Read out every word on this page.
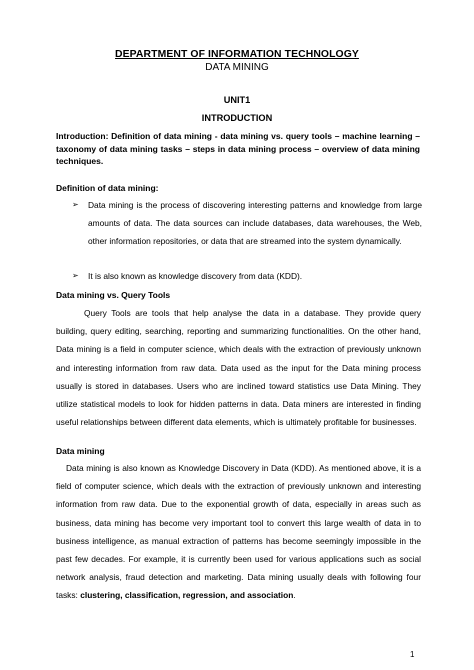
DEPARTMENT OF INFORMATION TECHNOLOGY
DATA MINING
UNIT1
INTRODUCTION
Introduction: Definition of data mining - data mining vs. query tools – machine learning – taxonomy of data mining tasks – steps in data mining process – overview of data mining techniques.
Definition of data mining:
➢	Data mining is the process of discovering interesting patterns and knowledge from large amounts of data. The data sources can include databases, data warehouses, the Web, other information repositories, or data that are streamed into the system dynamically.
➢	It is also known as knowledge discovery from data (KDD).
Data mining vs. Query Tools
Query Tools are tools that help analyse the data in a database. They provide query building, query editing, searching, reporting and summarizing functionalities. On the other hand, Data mining is a field in computer science, which deals with the extraction of previously unknown and interesting information from raw data. Data used as the input for the Data mining process usually is stored in databases. Users who are inclined toward statistics use Data Mining. They utilize statistical models to look for hidden patterns in data. Data miners are interested in finding useful relationships between different data elements, which is ultimately profitable for businesses.
Data mining
Data mining is also known as Knowledge Discovery in Data (KDD). As mentioned above, it is a field of computer science, which deals with the extraction of previously unknown and interesting information from raw data. Due to the exponential growth of data, especially in areas such as business, data mining has become very important tool to convert this large wealth of data in to business intelligence, as manual extraction of patterns has become seemingly impossible in the past few decades. For example, it is currently been used for various applications such as social network analysis, fraud detection and marketing. Data mining usually deals with following four tasks: clustering, classification, regression, and association.
1
